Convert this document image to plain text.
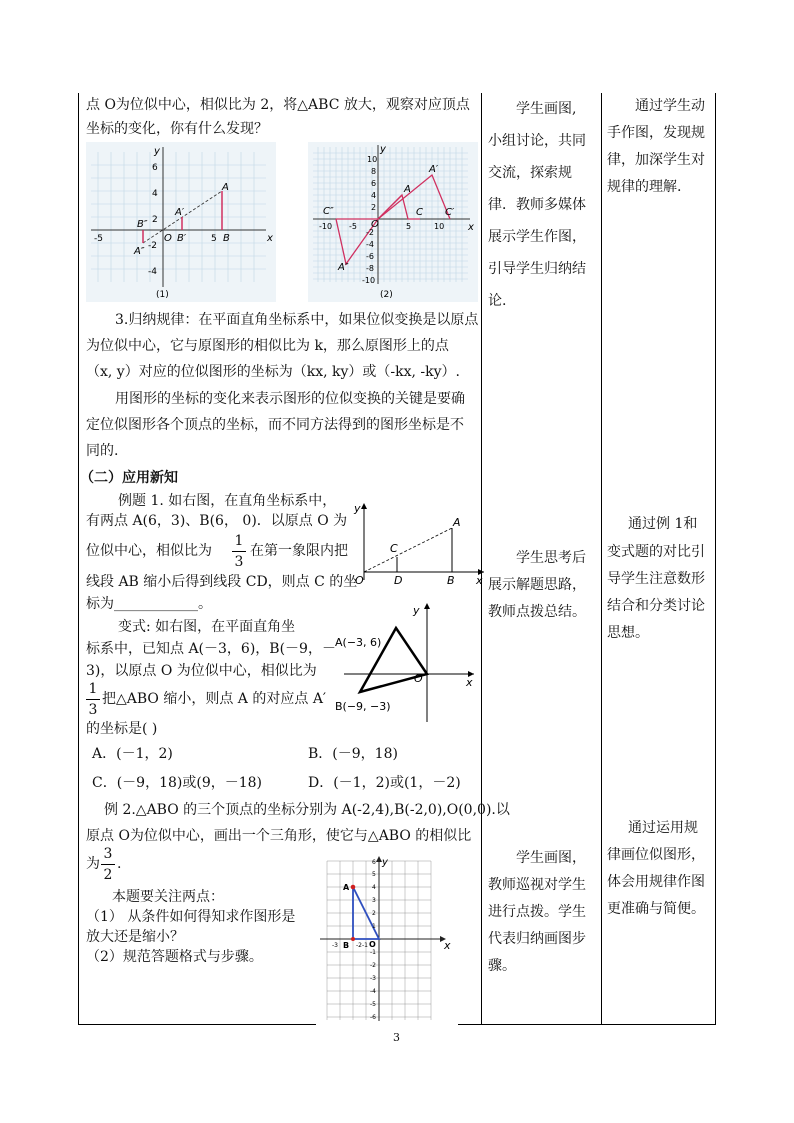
点 O为位似中心，相似比为 2，将△ABC 放大，观察对应顶点
坐标的变化，你有什么发现？
x
y
O
-5	5
6
4
2
-2
-4
A
B
A′
B′
B″
A″
(1)
x
y
O
A
A′
A″
C C′
C″
-10 -5	5	10
10
8
6
4
2
-2
-4
-6
-8
-10
(2)
3.归纳规律：在平面直角坐标系中，如果位似变换是以原点
为位似中心，它与原图形的相似比为 k，那么原图形上的点
（x, y）对应的位似图形的坐标为（kx, ky）或（-kx, -ky）.
用图形的坐标的变化来表示图形的位似变换的关键是要确
定位似图形各个顶点的坐标，而不同方法得到的图形坐标是不
同的.
（二）应用新知
例题 1. 如右图，在直角坐标系中，
有两点 A(6，3)、B(6， 0)．以原点 O 为
位似中心，相似比为
1
3
在第一象限内把
线段 AB 缩小后得到线段 CD，则点 C 的坐
标为____________。
y
x
O
A
B
C
D
变式: 如右图，在平面直角坐
标系中，已知点 A(－3，6)，B(－9，－
3)，以原点 O 为位似中心，相似比为
1
3
把△ABO 缩小，则点 A 的对应点 A′
的坐标是( )
y
x
O
A(−3, 6)
B(−9, −3)
A．(－1，2)	B．(－9，18)
C．(－9，18)或(9，－18)	D．(－1，2)或(1，－2)
例 2.△ABO 的三个顶点的坐标分别为 A(-2,4),B(-2,0),O(0,0).以
原点 O为位似中心，画出一个三角形，使它与△ABO 的相似比
为
3
2
.
本题要关注两点：
（1） 从条件如何得知求作图形是
放大还是缩小？
（2）规范答题格式与步骤。
y
x
A
B O
-3	-2 -1
6
5
4
3
2
1
-1
-2
-3
-4
-5
-6
学生画图,
小组讨论，共同
交流，探索规
律．教师多媒体
展示学生作图，
引导学生归纳结
论.
学生思考后
展示解题思路，
教师点拨总结。
学生画图，
教师巡视对学生
进行点拨。学生
代表归纳画图步
骤。
通过学生动
手作图，发现规
律，加深学生对
规律的理解.
通过例 1和
变式题的对比引
导学生注意数形
结合和分类讨论
思想。
通过运用规
律画位似图形，
体会用规律作图
更准确与简便。
3
